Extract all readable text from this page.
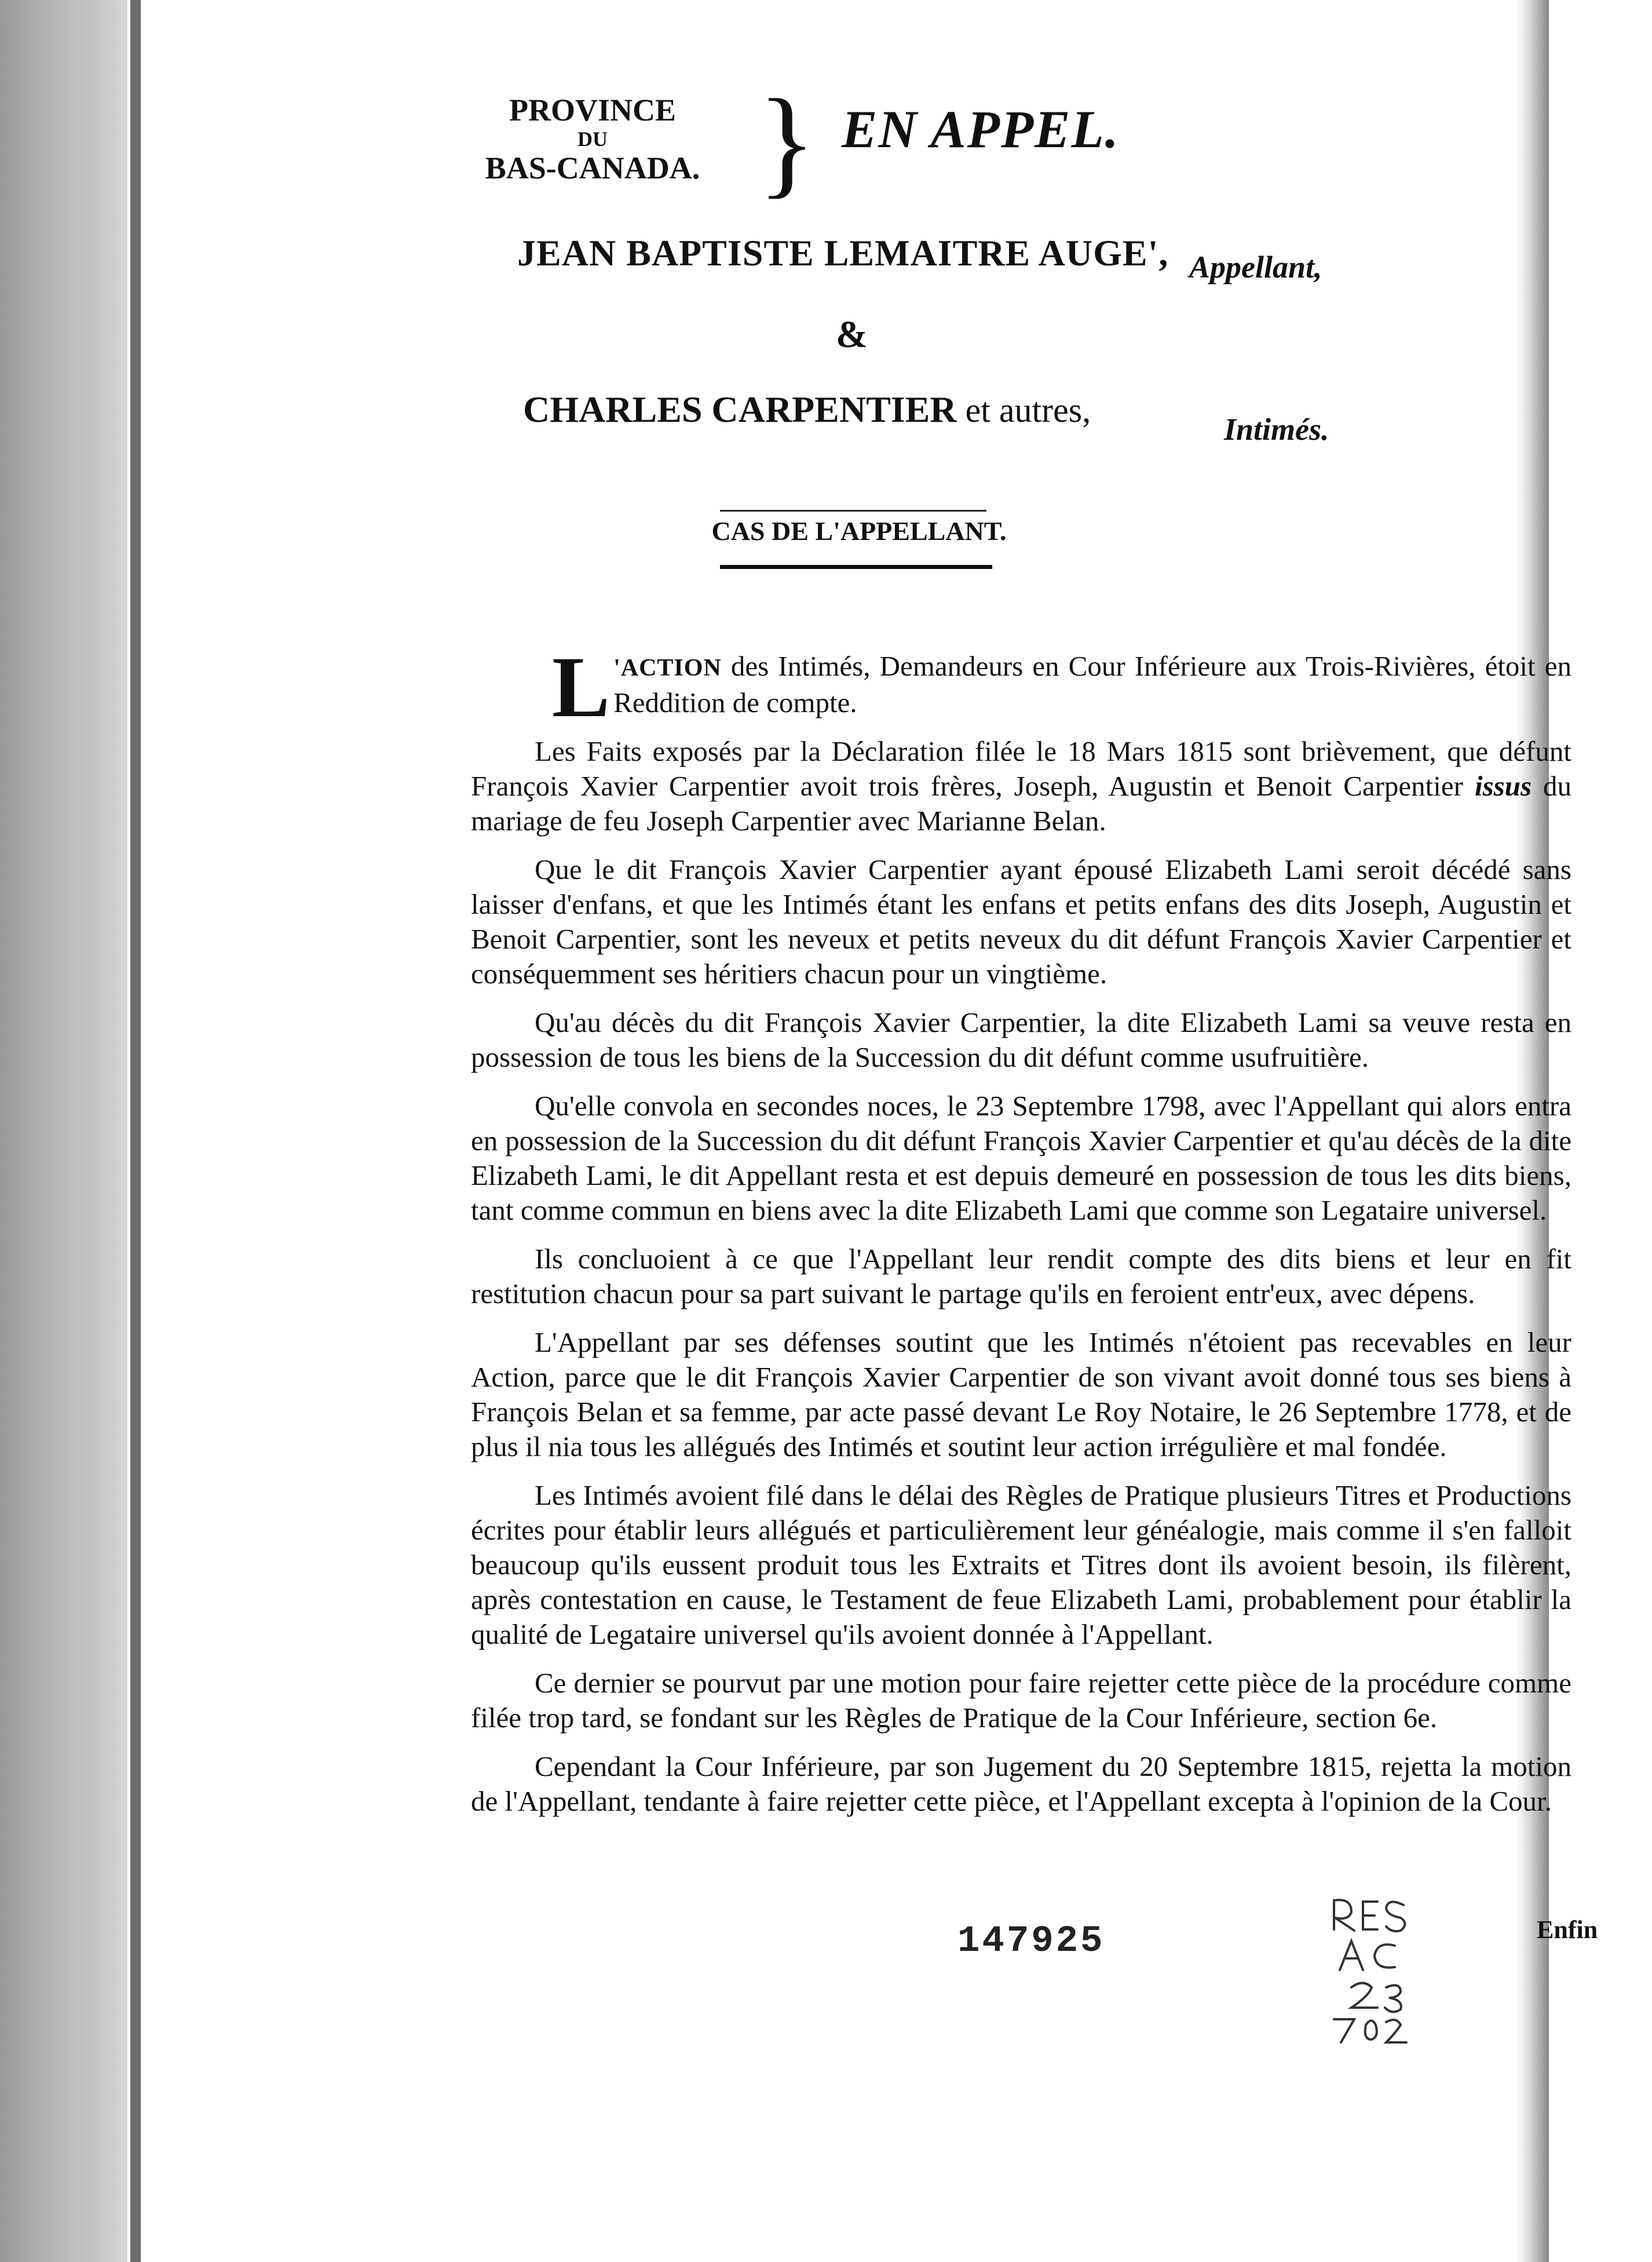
PROVINCE

DU
BAS-CANADA. } EN APPEL.
JEAN BAPTISTE LEMAITRE AUGE', Appellant,
&
CHARLES CARPENTIER et autres,	Intimés.
CAS DE L'APPELLANT.

L 'ACTION des Intimés, Demandeurs en Cour Inférieure aux Trois-Rivières, étoit en Reddition de compte.

Les Faits exposés par la Déclaration filée le 18 Mars 1815 sont brièvement, que défunt François Xavier Carpentier avoit trois frères, Joseph, Augustin et Benoit Carpentier issus du mariage de feu Joseph Carpentier avec Marianne Belan.

Que le dit François Xavier Carpentier ayant épousé Elizabeth Lami seroit décédé sans laisser d'enfans, et que les Intimés étant les enfans et petits enfans des dits Joseph, Augustin et Benoit Carpentier, sont les neveux et petits neveux du dit défunt François Xavier Carpentier et conséquemment ses héritiers chacun pour un vingtième.

Qu'au décès du dit François Xavier Carpentier, la dite Elizabeth Lami sa veuve resta en possession de tous les biens de la Succession du dit défunt comme usufruitière.

Qu'elle convola en secondes noces, le 23 Septembre 1798, avec l'Appellant qui alors entra en possession de la Succession du dit défunt François Xavier Carpentier et qu'au décès de la dite Elizabeth Lami, le dit Appellant resta et est depuis demeuré en possession de tous les dits biens, tant comme commun en biens avec la dite Elizabeth Lami que comme son Legataire universel.

Ils concluoient à ce que l'Appellant leur rendit compte des dits biens et leur en fit restitution chacun pour sa part suivant le partage qu'ils en feroient entr'eux, avec dépens.

L'Appellant par ses défenses soutint que les Intimés n'étoient pas recevables en leur Action, parce que le dit François Xavier Carpentier de son vivant avoit donné tous ses biens à François Belan et sa femme, par acte passé devant Le Roy Notaire, le 26 Septembre 1778, et de plus il nia tous les allégués des Intimés et soutint leur action irrégulière et mal fondée.

Les Intimés avoient filé dans le délai des Règles de Pratique plusieurs Titres et Productions écrites pour établir leurs allégués et particulièrement leur généalogie, mais comme il s'en falloit beaucoup qu'ils eussent produit tous les Extraits et Titres dont ils avoient besoin, ils filèrent, après contestation en cause, le Testament de feue Elizabeth Lami, probablement pour établir la qualité de Legataire universel qu'ils avoient donnée à l'Appellant.

Ce dernier se pourvut par une motion pour faire rejetter cette pièce de la procédure comme filée trop tard, se fondant sur les Règles de Pratique de la Cour Inférieure, section 6e.

Cependant la Cour Inférieure, par son Jugement du 20 Septembre 1815, rejetta la motion de l'Appellant, tendante à faire rejetter cette pièce, et l'Appellant excepta à l'opinion de la Cour.

147925	Enfin
